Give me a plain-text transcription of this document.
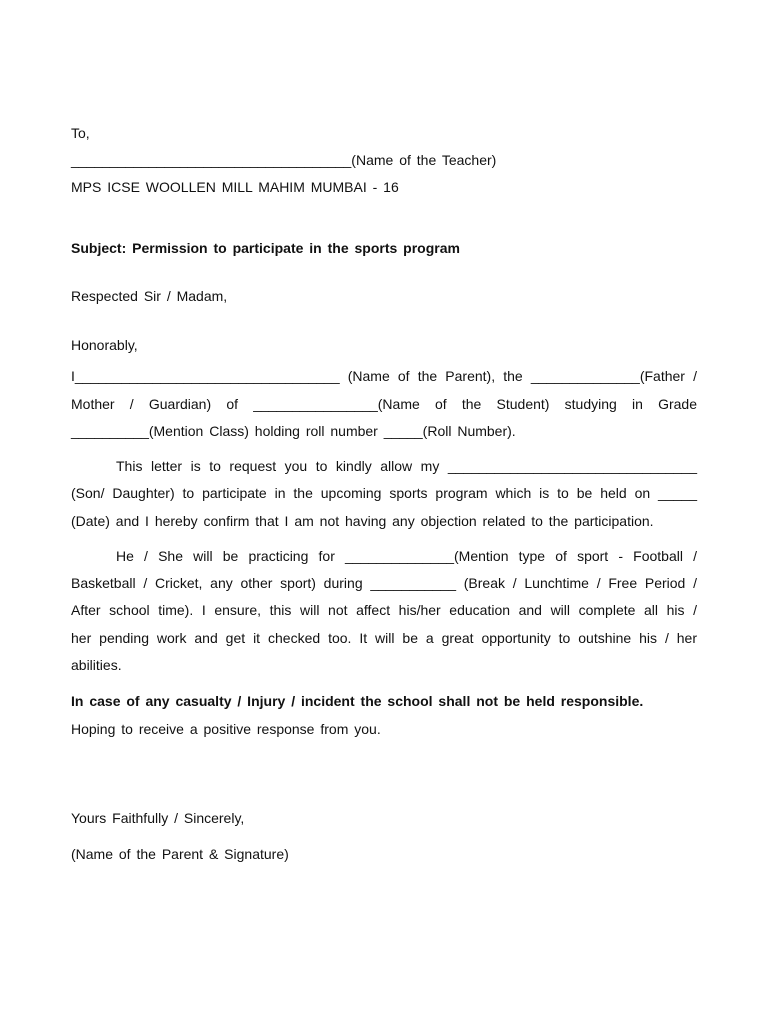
To,
____________________________________(Name of the Teacher)
MPS ICSE WOOLLEN MILL MAHIM MUMBAI - 16
Subject: Permission to participate in the sports program
Respected Sir / Madam,
Honorably,
I__________________________________ (Name of the Parent), the ______________(Father /
Mother / Guardian) of ________________(Name of the Student) studying in Grade
__________(Mention Class) holding roll number _____(Roll Number).
This letter is to request you to kindly allow my ________________________________
(Son/ Daughter) to participate in the upcoming sports program which is to be held on _____
(Date) and I hereby confirm that I am not having any objection related to the participation.
He / She will be practicing for ______________(Mention type of sport - Football /
Basketball / Cricket, any other sport) during ___________ (Break / Lunchtime / Free Period /
After school time). I ensure, this will not affect his/her education and will complete all his /
her pending work and get it checked too. It will be a great opportunity to outshine his / her
abilities.
In case of any casualty / Injury / incident the school shall not be held responsible.
Hoping to receive a positive response from you.
Yours Faithfully / Sincerely,
(Name of the Parent & Signature)
